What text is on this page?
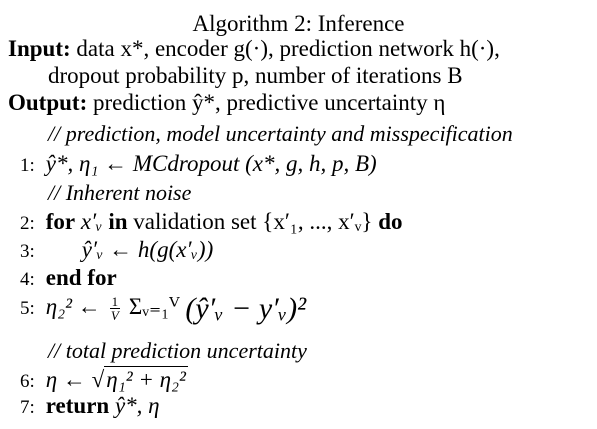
Algorithm 2: Inference
Input: data x*, encoder g(·), prediction network h(·),
dropout probability p, number of iterations B
Output: prediction ŷ*, predictive uncertainty η
// prediction, model uncertainty and misspecification
1: ŷ*, η₁ ← MCdropout (x*, g, h, p, B)
// Inherent noise
2: for x′ᵥ in validation set {x′₁, ..., x′ᵥ} do
3: ŷ′ᵥ ← h(g(x′ᵥ))
4: end for
5: η₂² ← $\frac{1}{V}$ Σᵥ₌₁ⱽ (ŷ′ᵥ − y′ᵥ)²
// total prediction uncertainty
6: η ← √η₁² + η₂²
7: return ŷ*, η
